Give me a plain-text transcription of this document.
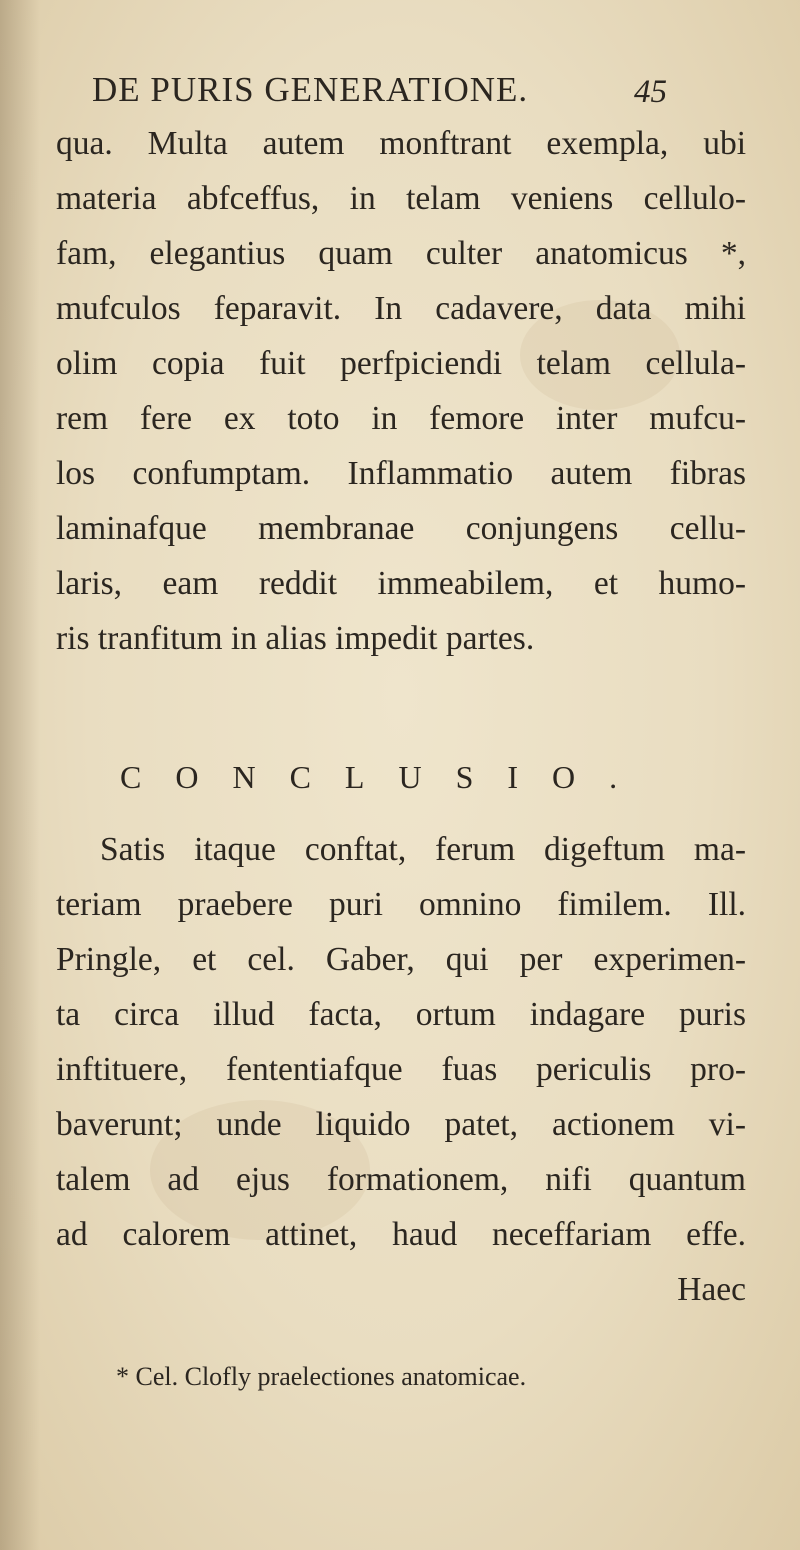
DE PURIS GENERATIONE.	45
qua. Multa autem monftrant exempla, ubi
materia abfceffus, in telam veniens cellulo-
fam, elegantius quam culter anatomicus *,
mufculos feparavit. In cadavere, data mihi
olim copia fuit perfpiciendi telam cellula-
rem fere ex toto in femore inter mufcu-
los confumptam. Inflammatio autem fibras
laminafque membranae conjungens cellu-
laris, eam reddit immeabilem, et humo-
ris tranfitum in alias impedit partes.
CONCLUSIO.
Satis itaque conftat, ferum digeftum ma-
teriam praebere puri omnino fimilem. Ill.
Pringle, et cel. Gaber, qui per experimen-
ta circa illud facta, ortum indagare puris
inftituere, fententiafque fuas periculis pro-
baverunt; unde liquido patet, actionem vi-
talem ad ejus formationem, nifi quantum
ad calorem attinet, haud neceffariam effe.
Haec
* Cel. Clofly praelectiones anatomicae.
